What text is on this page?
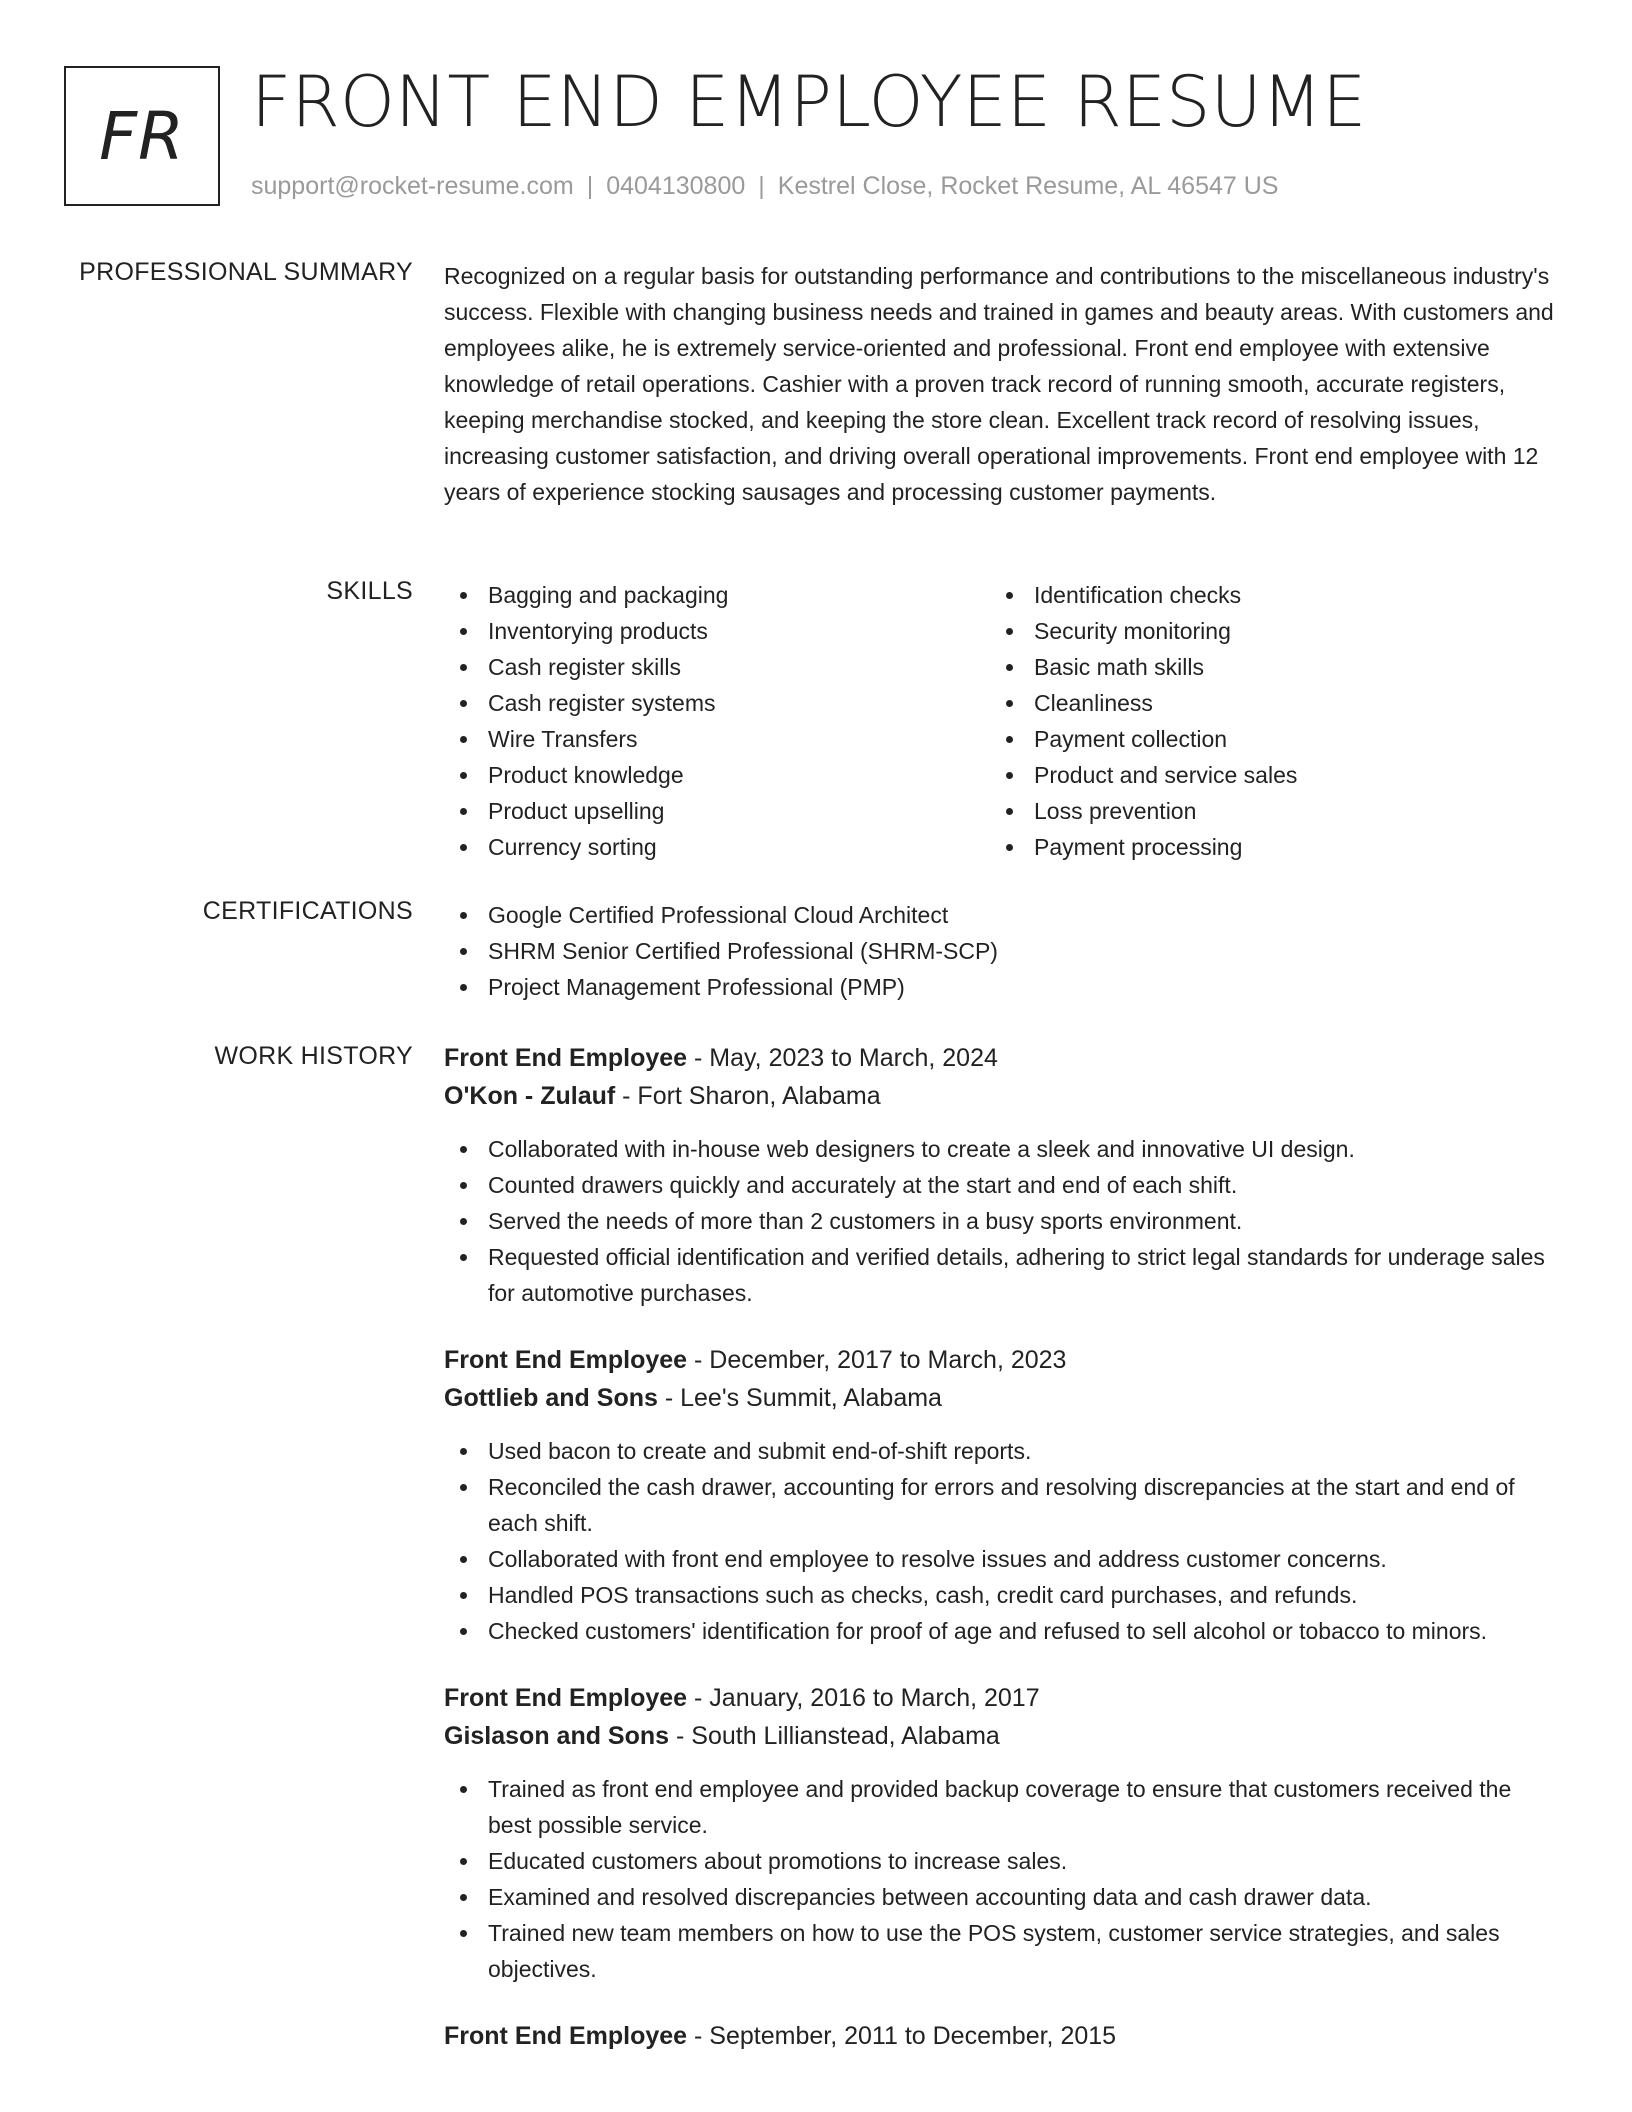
FR FRONT END EMPLOYEE RESUME
support@rocket-resume.com | 0404130800 | Kestrel Close, Rocket Resume, AL 46547 US
PROFESSIONAL SUMMARY Recognized on a regular basis for outstanding performance and contributions to the miscellaneous industry's success. Flexible with changing business needs and trained in games and beauty areas. With customers and employees alike, he is extremely service-oriented and professional. Front end employee with extensive knowledge of retail operations. Cashier with a proven track record of running smooth, accurate registers, keeping merchandise stocked, and keeping the store clean. Excellent track record of resolving issues, increasing customer satisfaction, and driving overall operational improvements. Front end employee with 12 years of experience stocking sausages and processing customer payments.

SKILLS	Bagging and packaging
Inventorying products
Cash register skills
Cash register systems
Wire Transfers
Product knowledge
Product upselling
Currency sorting
Identification checks
Security monitoring
Basic math skills
Cleanliness
Payment collection
Product and service sales
Loss prevention
Payment processing
CERTIFICATIONS	Google Certified Professional Cloud Architect
SHRM Senior Certified Professional (SHRM-SCP)
Project Management Professional (PMP)
WORK HISTORY Front End Employee - May, 2023 to March, 2024
O'Kon - Zulauf - Fort Sharon, Alabama
Collaborated with in-house web designers to create a sleek and innovative UI design.
Counted drawers quickly and accurately at the start and end of each shift.
Served the needs of more than 2 customers in a busy sports environment.
Requested official identification and verified details, adhering to strict legal standards for underage sales for automotive purchases.
Front End Employee - December, 2017 to March, 2023
Gottlieb and Sons - Lee's Summit, Alabama
Used bacon to create and submit end-of-shift reports.
Reconciled the cash drawer, accounting for errors and resolving discrepancies at the start and end of each shift.
Collaborated with front end employee to resolve issues and address customer concerns.
Handled POS transactions such as checks, cash, credit card purchases, and refunds.
Checked customers' identification for proof of age and refused to sell alcohol or tobacco to minors.
Front End Employee - January, 2016 to March, 2017
Gislason and Sons - South Lillianstead, Alabama
Trained as front end employee and provided backup coverage to ensure that customers received the best possible service.
Educated customers about promotions to increase sales.
Examined and resolved discrepancies between accounting data and cash drawer data.
Trained new team members on how to use the POS system, customer service strategies, and sales objectives.
Front End Employee - September, 2011 to December, 2015
